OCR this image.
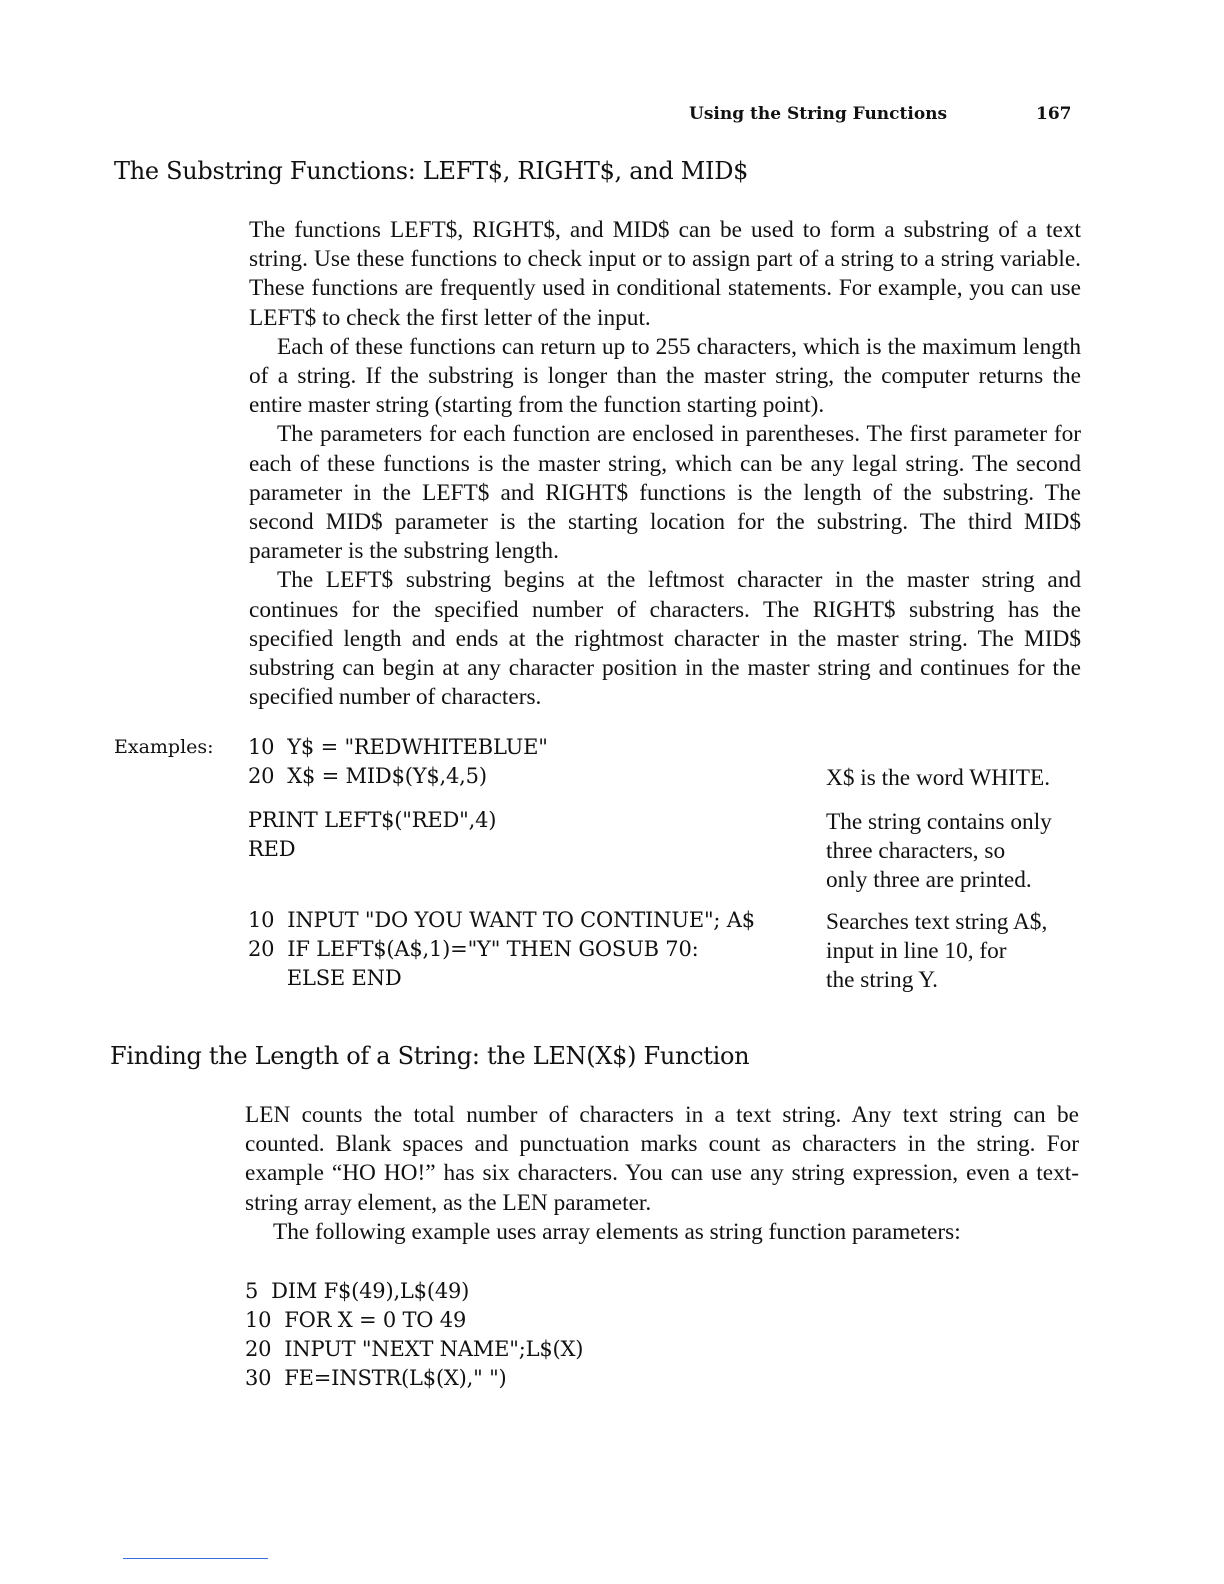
Using the String Functions	167
The Substring Functions: LEFT$, RIGHT$, and MID$

The functions LEFT$, RIGHT$, and MID$ can be used to form a substring of a text string. Use these functions to check input or to assign part of a string to a string variable. These functions are frequently used in conditional statements. For example, you can use LEFT$ to check the first letter of the input.

Each of these functions can return up to 255 characters, which is the maximum length of a string. If the substring is longer than the master string, the computer returns the entire master string (starting from the function starting point).

The parameters for each function are enclosed in parentheses. The first parameter for each of these functions is the master string, which can be any legal string. The second parameter in the LEFT$ and RIGHT$ functions is the length of the substring. The second MID$ parameter is the starting location for the substring. The third MID$ parameter is the substring length.

The LEFT$ substring begins at the leftmost character in the master string and continues for the specified number of characters. The RIGHT$ substring has the specified length and ends at the rightmost character in the master string. The MID$ substring can begin at any character position in the master string and continues for the specified number of characters.

Examples: 10  Y$ = "REDWHITEBLUE"
20  X$ = MID$(Y$,4,5)	X$ is the word WHITE.

PRINT LEFT$("RED",4)
RED

The string contains only

three characters, so

only three are printed.

10  INPUT "DO YOU WANT TO CONTINUE"; A$
20  IF LEFT$(A$,1)="Y" THEN GOSUB 70:
ELSE END

Searches text string A$,

input in line 10, for

the string Y.

Finding the Length of a String: the LEN(X$) Function

LEN counts the total number of characters in a text string. Any text string can be counted. Blank spaces and punctuation marks count as characters in the string. For example “HO HO!” has six characters. You can use any string expression, even a text-string array element, as the LEN parameter.

The following example uses array elements as string function parameters:

5  DIM F$(49),L$(49)
10  FOR X = 0 TO 49
20  INPUT "NEXT NAME";L$(X)
30  FE=INSTR(L$(X)," ")
